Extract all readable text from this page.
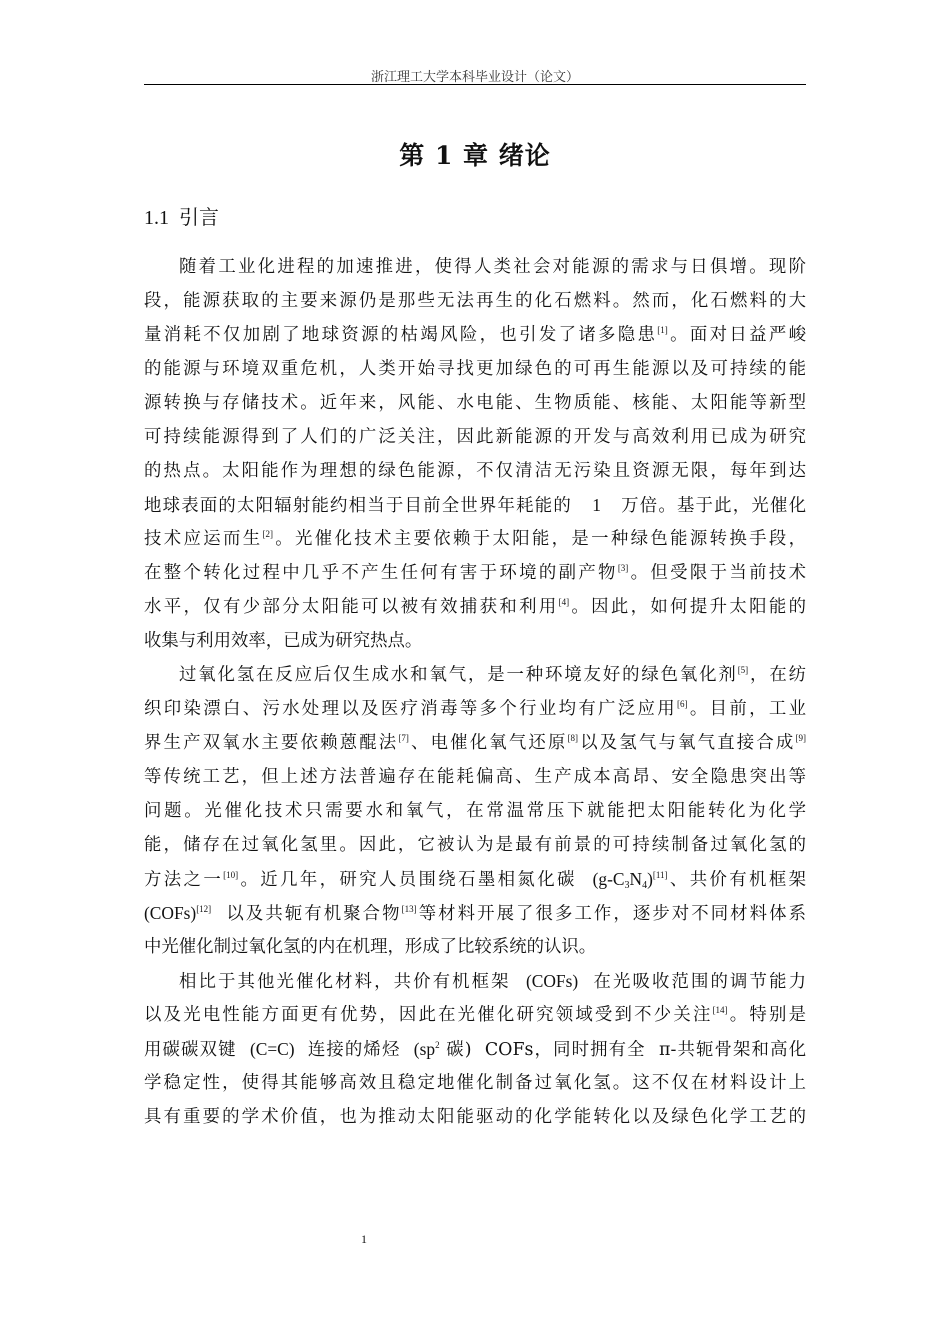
浙江理工大学本科毕业设计（论文）
第 1 章 绪论
1.1 引言
随着工业化进程的加速推进，使得人类社会对能源的需求与日俱增。现阶
段，能源获取的主要来源仍是那些无法再生的化石燃料。然而，化石燃料的大
量消耗不仅加剧了地球资源的枯竭风险，也引发了诸多隐患[1]。面对日益严峻
的能源与环境双重危机，人类开始寻找更加绿色的可再生能源以及可持续的能
源转换与存储技术。近年来，风能、水电能、生物质能、核能、太阳能等新型
可持续能源得到了人们的广泛关注，因此新能源的开发与高效利用已成为研究
的热点。太阳能作为理想的绿色能源，不仅清洁无污染且资源无限，每年到达
地球表面的太阳辐射能约相当于目前全世界年耗能的 1 万倍。基于此，光催化
技术应运而生[2]。光催化技术主要依赖于太阳能，是一种绿色能源转换手段，
在整个转化过程中几乎不产生任何有害于环境的副产物[3]。但受限于当前技术
水平，仅有少部分太阳能可以被有效捕获和利用[4]。因此，如何提升太阳能的
收集与利用效率，已成为研究热点。
过氧化氢在反应后仅生成水和氧气，是一种环境友好的绿色氧化剂[5]，在纺
织印染漂白、污水处理以及医疗消毒等多个行业均有广泛应用[6]。目前，工业
界生产双氧水主要依赖蒽醌法[7]、电催化氧气还原[8]以及氢气与氧气直接合成[9]
等传统工艺，但上述方法普遍存在能耗偏高、生产成本高昂、安全隐患突出等
问题。光催化技术只需要水和氧气，在常温常压下就能把太阳能转化为化学
能，储存在过氧化氢里。因此，它被认为是最有前景的可持续制备过氧化氢的
方法之一[10]。近几年，研究人员围绕石墨相氮化碳 $(g-C_3N_4)[11]$、共价有机框架
(COFs)[12] 以及共轭有机聚合物[13]等材料开展了很多工作，逐步对不同材料体系
中光催化制过氧化氢的内在机理，形成了比较系统的认识。
相比于其他光催化材料，共价有机框架 (COFs) 在光吸收范围的调节能力
以及光电性能方面更有优势，因此在光催化研究领域受到不少关注[14]。特别是
用碳碳双键 (C=C) 连接的烯烃 ($sp^2$ 碳) COFs，同时拥有全 π-共轭骨架和高化
学稳定性，使得其能够高效且稳定地催化制备过氧化氢。这不仅在材料设计上
具有重要的学术价值，也为推动太阳能驱动的化学能转化以及绿色化学工艺的
1
